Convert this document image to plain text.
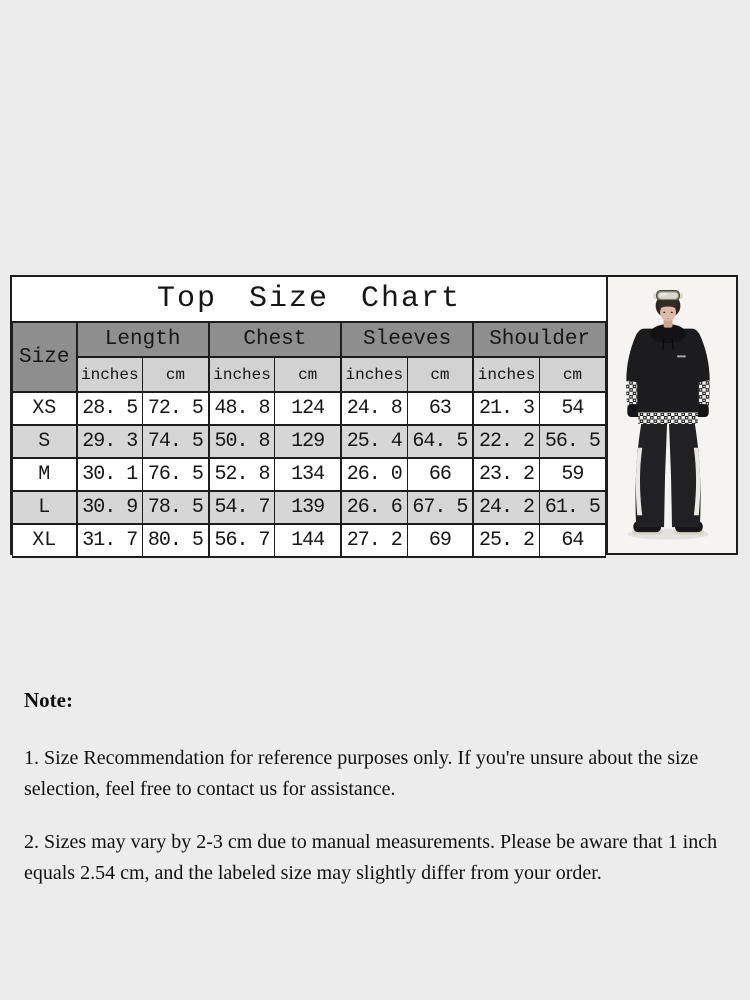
Top Size Chart
Size	Length		Chest		Sleeves		Shoulder	
	inches	cm	inches	cm	inches	cm	inches	cm
XS	28. 5	72. 5	48. 8	124	24. 8	63	21. 3	54
S	29. 3	74. 5	50. 8	129	25. 4	64. 5	22. 2	56. 5
M	30. 1	76. 5	52. 8	134	26. 0	66	23. 2	59
L	30. 9	78. 5	54. 7	139	26. 6	67. 5	24. 2	61. 5
XL	31. 7	80. 5	56. 7	144	27. 2	69	25. 2	64

Note:

1. Size Recommendation for reference purposes only. If you're unsure about the size selection, feel free to contact us for assistance.

2. Sizes may vary by 2-3 cm due to manual measurements. Please be aware that 1 inch equals 2.54 cm, and the labeled size may slightly differ from your order.
